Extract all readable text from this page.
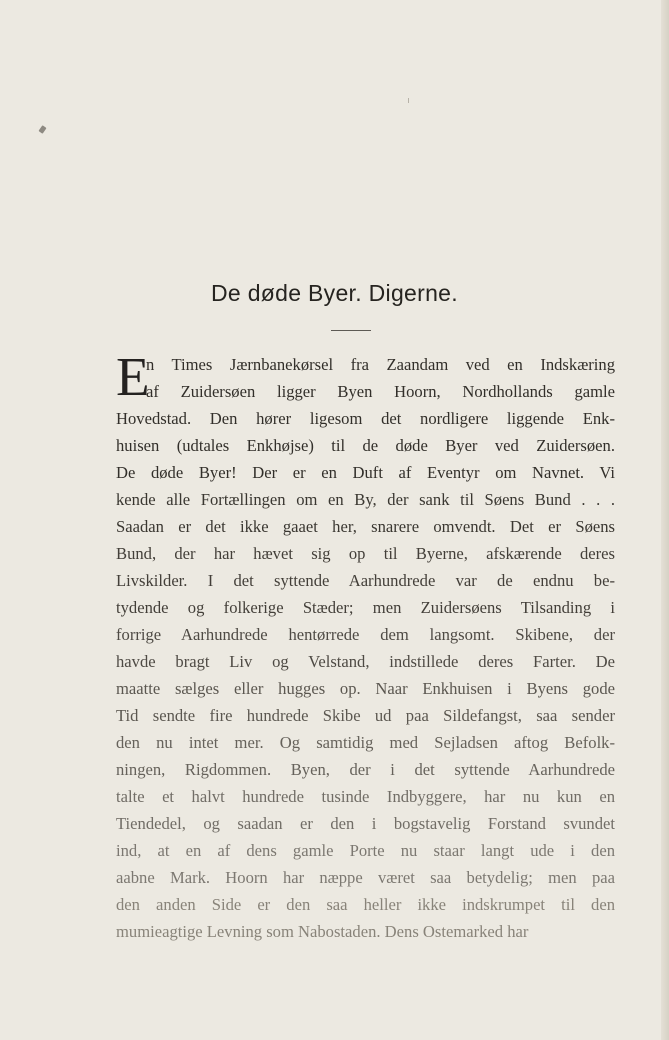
De døde Byer. Digerne.
E
n Times Jærnbanekørsel fra Zaandam ved en Indskæring
af Zuidersøen ligger Byen Hoorn, Nordhollands gamle
Hovedstad. Den hører ligesom det nordligere liggende Enk-
huisen (udtales Enkhøjse) til de døde Byer ved Zuidersøen.
De døde Byer! Der er en Duft af Eventyr om Navnet. Vi
kende alle Fortællingen om en By, der sank til Søens Bund . . .
Saadan er det ikke gaaet her, snarere omvendt. Det er Søens
Bund, der har hævet sig op til Byerne, afskærende deres
Livskilder. I det syttende Aarhundrede var de endnu be-
tydende og folkerige Stæder; men Zuidersøens Tilsanding i
forrige Aarhundrede hentørrede dem langsomt. Skibene, der
havde bragt Liv og Velstand, indstillede deres Farter. De
maatte sælges eller hugges op. Naar Enkhuisen i Byens gode
Tid sendte fire hundrede Skibe ud paa Sildefangst, saa sender
den nu intet mer. Og samtidig med Sejladsen aftog Befolk-
ningen, Rigdommen. Byen, der i det syttende Aarhundrede
talte et halvt hundrede tusinde Indbyggere, har nu kun en
Tiendedel, og saadan er den i bogstavelig Forstand svundet
ind, at en af dens gamle Porte nu staar langt ude i den
aabne Mark. Hoorn har næppe været saa betydelig; men paa
den anden Side er den saa heller ikke indskrumpet til den
mumieagtige Levning som Nabostaden. Dens Ostemarked har
